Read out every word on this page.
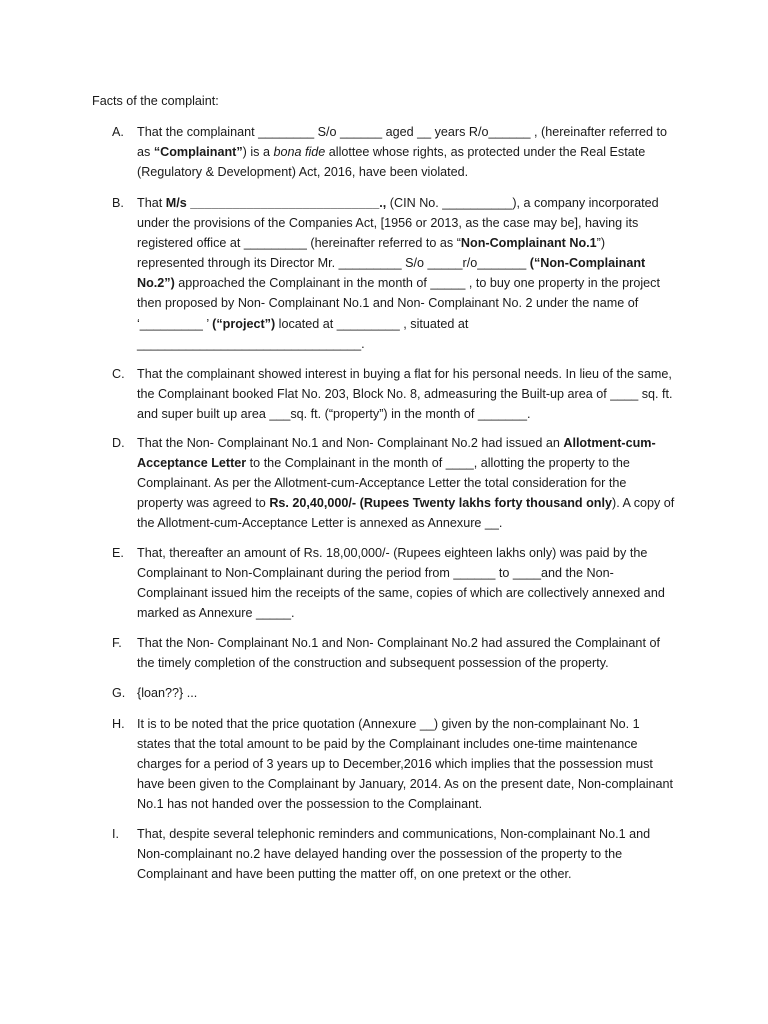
Facts of the complaint:
A.	That the complainant ________ S/o ______ aged __ years R/o______ , (hereinafter referred to
as “Complainant”) is a bona fide allottee whose rights, as protected under the Real Estate
(Regulatory & Development) Act, 2016, have been violated.
B.	That M/s ___________________________., (CIN No. __________), a company incorporated
under the provisions of the Companies Act, [1956 or 2013, as the case may be], having its
registered office at _________ (hereinafter referred to as “Non-Complainant No.1”)
represented through its Director Mr. _________ S/o _____r/o_______ (“Non-Complainant
No.2”) approached the Complainant in the month of _____ , to buy one property in the project
then proposed by Non- Complainant No.1 and Non- Complainant No. 2 under the name of
‘_________ ’ (“project”) located at _________ , situated at
________________________________.
C. That the complainant showed interest in buying a flat for his personal needs. In lieu of the same,
the Complainant booked Flat No. 203, Block No. 8, admeasuring the Built-up area of ____ sq. ft.
and super built up area ___sq. ft. (“property”) in the month of _______.
D. That the Non- Complainant No.1 and Non- Complainant No.2 had issued an Allotment-cum-
Acceptance Letter to the Complainant in the month of ____, allotting the property to the
Complainant. As per the Allotment-cum-Acceptance Letter the total consideration for the
property was agreed to Rs. 20,40,000/- (Rupees Twenty lakhs forty thousand only). A copy of
the Allotment-cum-Acceptance Letter is annexed as Annexure __.
E.	That, thereafter an amount of Rs. 18,00,000/- (Rupees eighteen lakhs only) was paid by the
Complainant to Non-Complainant during the period from ______ to ____and the Non-
Complainant issued him the receipts of the same, copies of which are collectively annexed and
marked as Annexure _____.
F.	That the Non- Complainant No.1 and Non- Complainant No.2 had assured the Complainant of
the timely completion of the construction and subsequent possession of the property.
G. {loan??} ...
H. It is to be noted that the price quotation (Annexure __) given by the non-complainant No. 1
states that the total amount to be paid by the Complainant includes one-time maintenance
charges for a period of 3 years up to December,2016 which implies that the possession must
have been given to the Complainant by January, 2014. As on the present date, Non-complainant
No.1 has not handed over the possession to the Complainant.
I.	That, despite several telephonic reminders and communications, Non-complainant No.1 and
Non-complainant no.2 have delayed handing over the possession of the property to the
Complainant and have been putting the matter off, on one pretext or the other.
